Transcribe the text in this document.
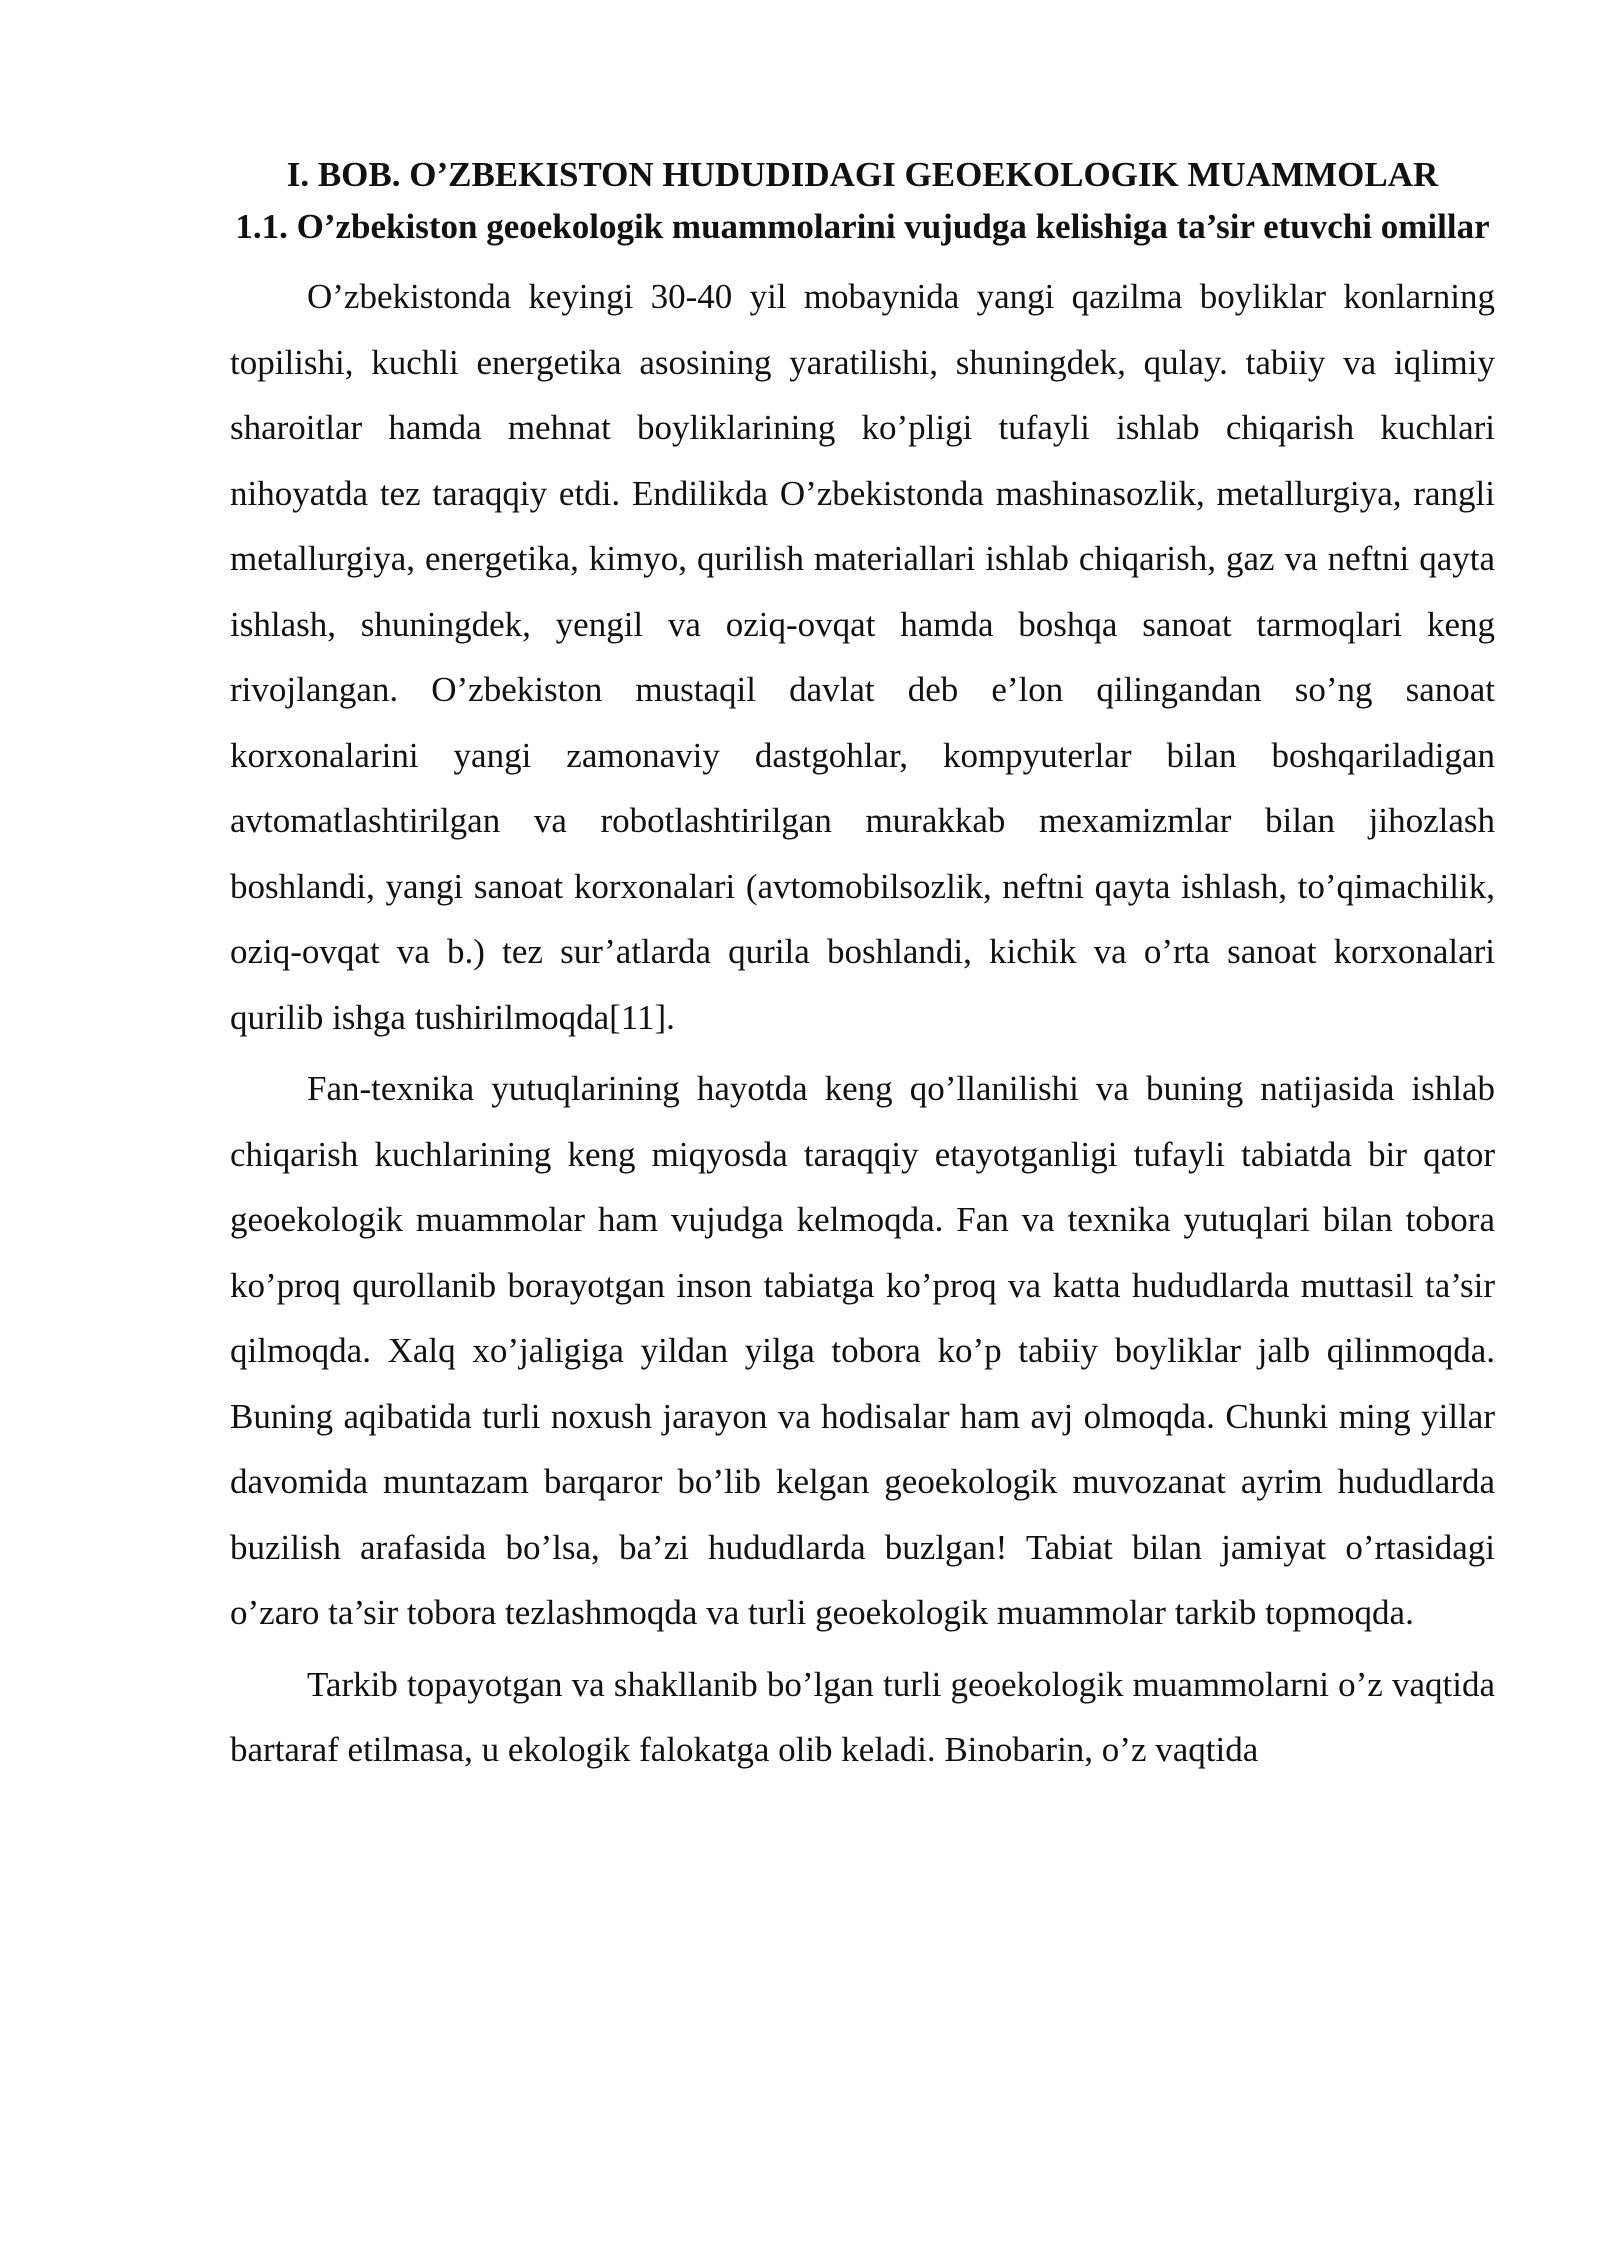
I. BOB. O’ZBEKISTON HUDUDIDAGI GEOEKOLOGIK MUAMMOLAR
1.1. O’zbekiston geoekologik muammolarini vujudga kelishiga ta’sir etuvchi omillar

O’zbekistonda keyingi 30-40 yil mobaynida yangi qazilma boyliklar konlarning topilishi, kuchli energetika asosining yaratilishi, shuningdek, qulay. tabiiy va iqlimiy sharoitlar hamda mehnat boyliklarining ko’pligi tufayli ishlab chiqarish kuchlari nihoyatda tez taraqqiy etdi. Endilikda O’zbekistonda mashinasozlik, metallurgiya, rangli metallurgiya, energetika, kimyo, qurilish materiallari ishlab chiqarish, gaz va neftni qayta ishlash, shuningdek, yengil va oziq-ovqat hamda boshqa sanoat tarmoqlari keng rivojlangan. O’zbekiston mustaqil davlat deb e’lon qilingandan so’ng sanoat korxonalarini yangi zamonaviy dastgohlar, kompyuterlar bilan boshqariladigan avtomatlashtirilgan va robotlashtirilgan murakkab mexamizmlar bilan jihozlash boshlandi, yangi sanoat korxonalari (avtomobilsozlik, neftni qayta ishlash, to’qimachilik, oziq-ovqat va b.) tez sur’atlarda qurila boshlandi, kichik va o’rta sanoat korxonalari qurilib ishga tushirilmoqda[11].

Fan-texnika yutuqlarining hayotda keng qo’llanilishi va buning natijasida ishlab chiqarish kuchlarining keng miqyosda taraqqiy etayotganligi tufayli tabiatda bir qator geoekologik muammolar ham vujudga kelmoqda. Fan va texnika yutuqlari bilan tobora ko’proq qurollanib borayotgan inson tabiatga ko’proq va katta hududlarda muttasil ta’sir qilmoqda. Xalq xo’jaligiga yildan yilga tobora ko’p tabiiy boyliklar jalb qilinmoqda. Buning aqibatida turli noxush jarayon va hodisalar ham avj olmoqda. Chunki ming yillar davomida muntazam barqaror bo’lib kelgan geoekologik muvozanat ayrim hududlarda buzilish arafasida bo’lsa, ba’zi hududlarda buzlgan! Tabiat bilan jamiyat o’rtasidagi o’zaro ta’sir tobora tezlashmoqda va turli geoekologik muammolar tarkib topmoqda.

Tarkib topayotgan va shakllanib bo’lgan turli geoekologik muammolarni o’z vaqtida bartaraf etilmasa, u ekologik falokatga olib keladi. Binobarin, o’z vaqtida
